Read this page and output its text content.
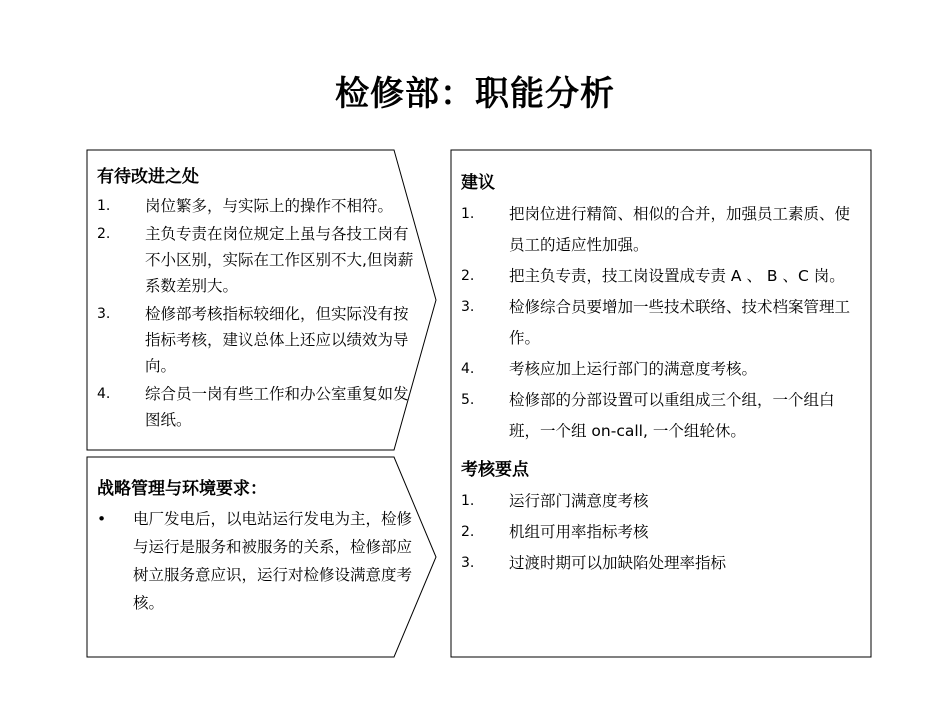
检修部：职能分析
有待改进之处
1. 岗位繁多，与实际上的操作不相符。
2. 主负专责在岗位规定上虽与各技工岗有不小区别，实际在工作区别不大,但岗薪系数差别大。
3. 检修部考核指标较细化，但实际没有按指标考核，建议总体上还应以绩效为导向。
4. 综合员一岗有些工作和办公室重复如发图纸。
战略管理与环境要求：
• 电厂发电后，以电站运行发电为主，检修与运行是服务和被服务的关系，检修部应树立服务意应识，运行对检修设满意度考核。
建议
1. 把岗位进行精简、相似的合并，加强员工素质、使员工的适应性加强。
2. 把主负专责，技工岗设置成专责 A 、 B 、C 岗。
3. 检修综合员要增加一些技术联络、技术档案管理工作。
4. 考核应加上运行部门的满意度考核。
5. 检修部的分部设置可以重组成三个组，一个组白班，一个组 on-call, 一个组轮休。
考核要点
1. 运行部门满意度考核
2. 机组可用率指标考核
3. 过渡时期可以加缺陷处理率指标
